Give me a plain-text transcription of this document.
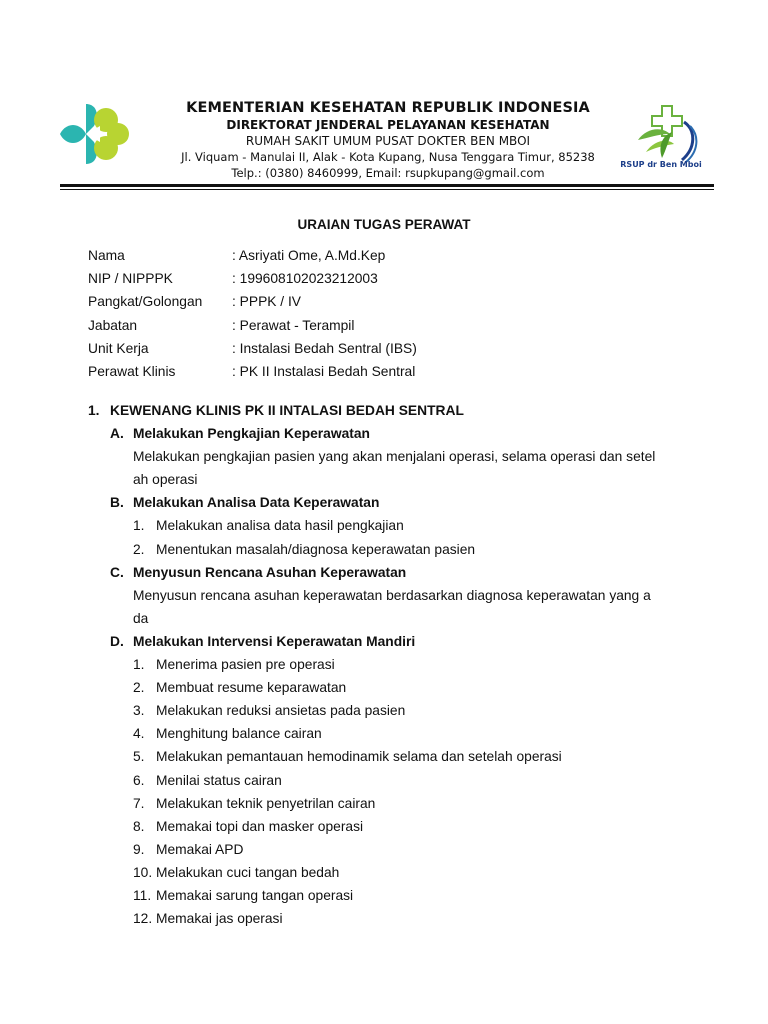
KEMENTERIAN KESEHATAN REPUBLIK INDONESIA
DIREKTORAT JENDERAL PELAYANAN KESEHATAN
RUMAH SAKIT UMUM PUSAT DOKTER BEN MBOI
Jl. Viquam - Manulai II, Alak - Kota Kupang, Nusa Tenggara Timur, 85238
Telp.: (0380) 8460999, Email: rsupkupang@gmail.com
RSUP dr Ben Mboi
URAIAN TUGAS PERAWAT
Nama	: Asriyati Ome, A.Md.Kep
NIP / NIPPPK	: 199608102023212003
Pangkat/Golongan : PPPK / IV
Jabatan	: Perawat - Terampil
Unit Kerja	: Instalasi Bedah Sentral (IBS)
Perawat Klinis	: PK II Instalasi Bedah Sentral
1. KEWENANG KLINIS PK II INTALASI BEDAH SENTRAL
A. Melakukan Pengkajian Keperawatan
Melakukan pengkajian pasien yang akan menjalani operasi, selama operasi dan setel
ah operasi
B. Melakukan Analisa Data Keperawatan
1. Melakukan analisa data hasil pengkajian
2. Menentukan masalah/diagnosa keperawatan pasien
C. Menyusun Rencana Asuhan Keperawatan
Menyusun rencana asuhan keperawatan berdasarkan diagnosa keperawatan yang a
da
D. Melakukan Intervensi Keperawatan Mandiri
1. Menerima pasien pre operasi
2. Membuat resume keparawatan
3. Melakukan reduksi ansietas pada pasien
4. Menghitung balance cairan
5. Melakukan pemantauan hemodinamik selama dan setelah operasi
6. Menilai status cairan
7. Melakukan teknik penyetrilan cairan
8. Memakai topi dan masker operasi
9. Memakai APD
10. Melakukan cuci tangan bedah
11. Memakai sarung tangan operasi
12. Memakai jas operasi
